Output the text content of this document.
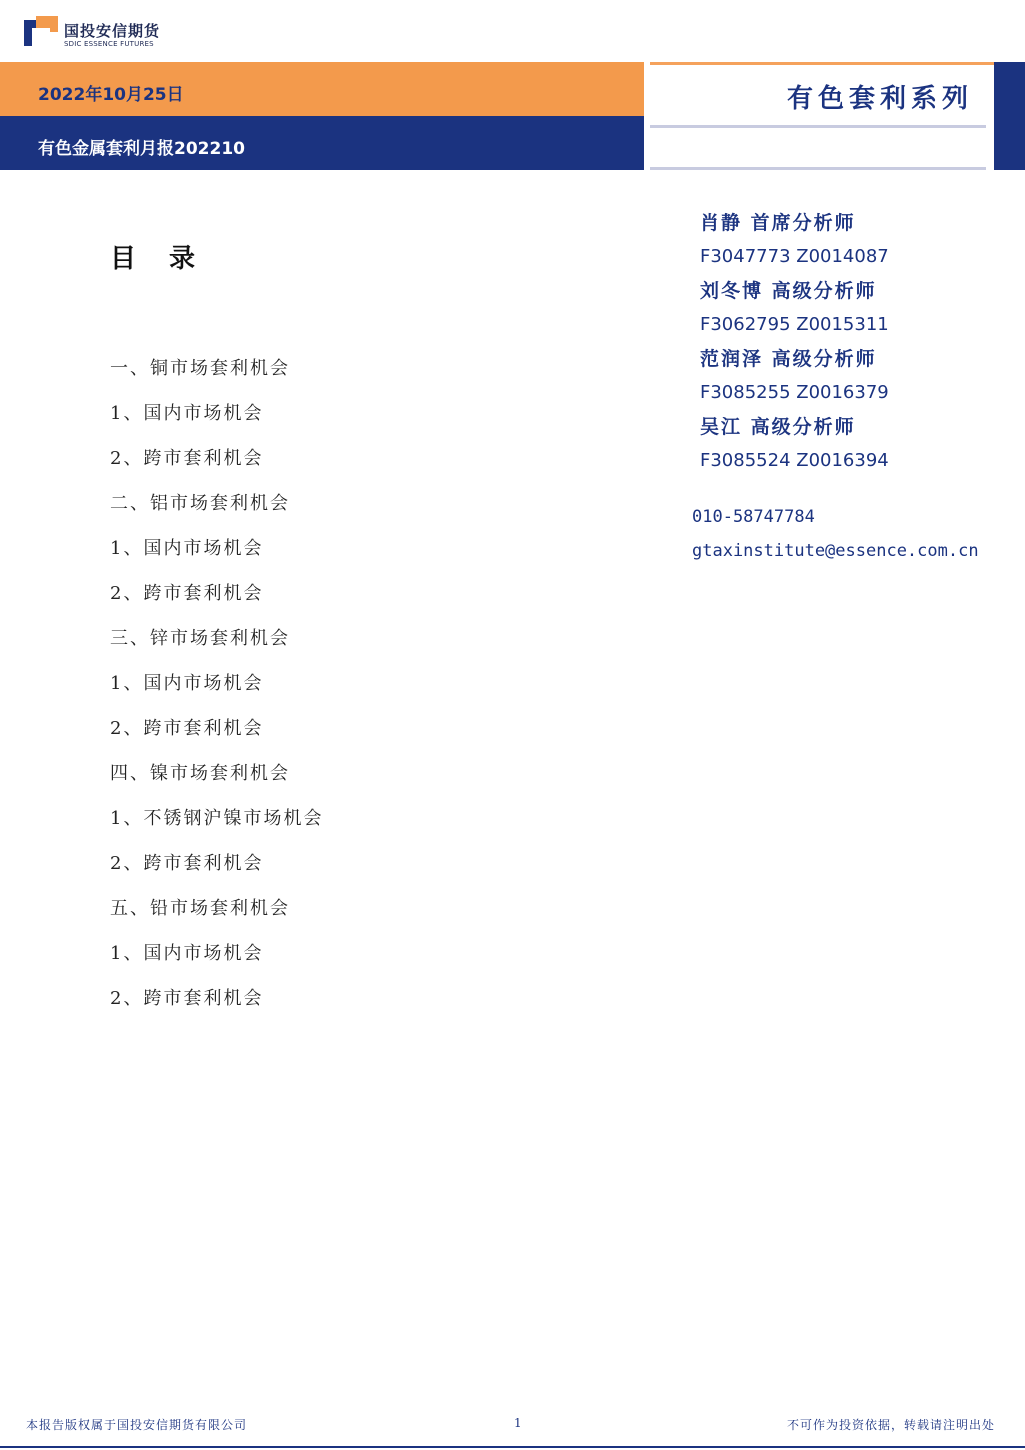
国投安信期货
SDIC ESSENCE FUTURES
2022年10月25日
有色金属套利月报202210
有色套利系列
目 录
一、铜市场套利机会
1、国内市场机会
2、跨市套利机会
二、铝市场套利机会
1、国内市场机会
2、跨市套利机会
三、锌市场套利机会
1、国内市场机会
2、跨市套利机会
四、镍市场套利机会
1、不锈钢沪镍市场机会
2、跨市套利机会
五、铅市场套利机会
1、国内市场机会
2、跨市套利机会
肖静 首席分析师
F3047773 Z0014087
刘冬博 高级分析师
F3062795 Z0015311
范润泽 高级分析师
F3085255 Z0016379
吴江 高级分析师
F3085524 Z0016394
010-58747784
gtaxinstitute@essence.com.cn
本报告版权属于国投安信期货有限公司	1	不可作为投资依据，转载请注明出处
